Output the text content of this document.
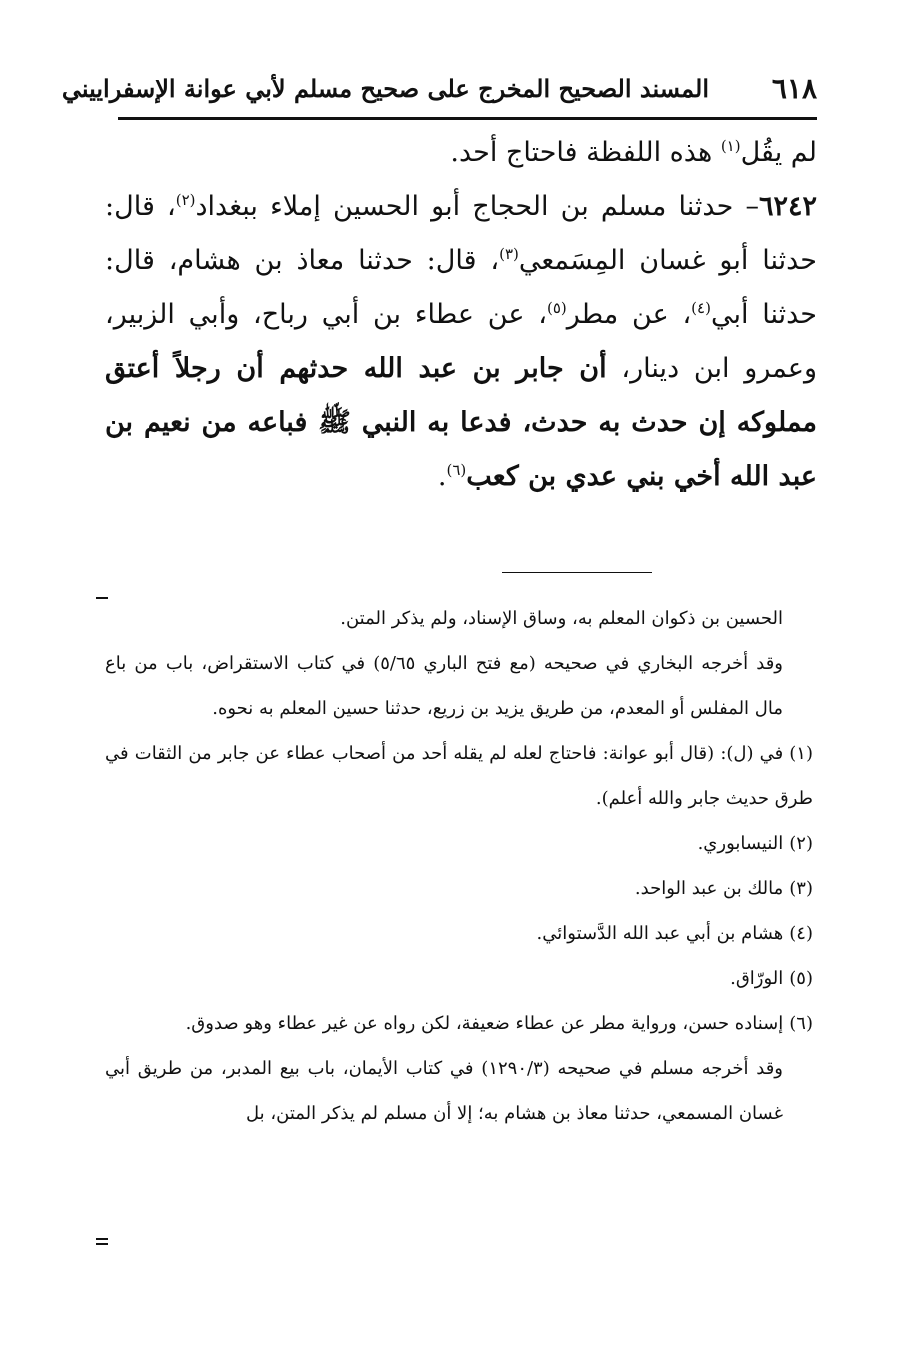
٦١٨
المسند الصحيح المخرج على صحيح مسلم لأبي عوانة الإسفراييني

لم يقُل$^{(١)}$ هذه اللفظة فاحتاج أحد.

٦٢٤٢– حدثنا مسلم بن الحجاج أبو الحسين إملاء ببغداد$^{(٢)}$، قال: حدثنا أبو غسان المِسَمعي$^{(٣)}$، قال: حدثنا معاذ بن هشام، قال: حدثنا أبي$^{(٤)}$، عن مطر$^{(٥)}$، عن عطاء بن أبي رباح، وأبي الزبير، وعمرو ابن دينار، أن جابر بن عبد الله حدثهم أن رجلاً أعتق مملوكه إن حدث به حدث، فدعا به النبي ﷺ فباعه من نعيم بن عبد الله أخي بني عدي بن كعب$^{(٦)}$.

الحسين بن ذكوان المعلم به، وساق الإسناد، ولم يذكر المتن.

وقد أخرجه البخاري في صحيحه (مع فتح الباري ٥/٦٥) في كتاب الاستقراض، باب من باع مال المفلس أو المعدم، من طريق يزيد بن زريع، حدثنا حسين المعلم به نحوه.

(١)في (ل): (قال أبو عوانة: فاحتاج لعله لم يقله أحد من أصحاب عطاء عن جابر من الثقات في طرق حديث جابر والله أعلم).

(٢)النيسابوري.

(٣)مالك بن عبد الواحد.

(٤)هشام بن أبي عبد الله الدَّستوائي.

(٥)الورّاق.

(٦)إسناده حسن، ورواية مطر عن عطاء ضعيفة، لكن رواه عن غير عطاء وهو صدوق.

وقد أخرجه مسلم في صحيحه (١٢٩٠/٣) في كتاب الأيمان، باب بيع المدبر، من طريق أبي غسان المسمعي، حدثنا معاذ بن هشام به؛ إلا أن مسلم لم يذكر المتن، بل
